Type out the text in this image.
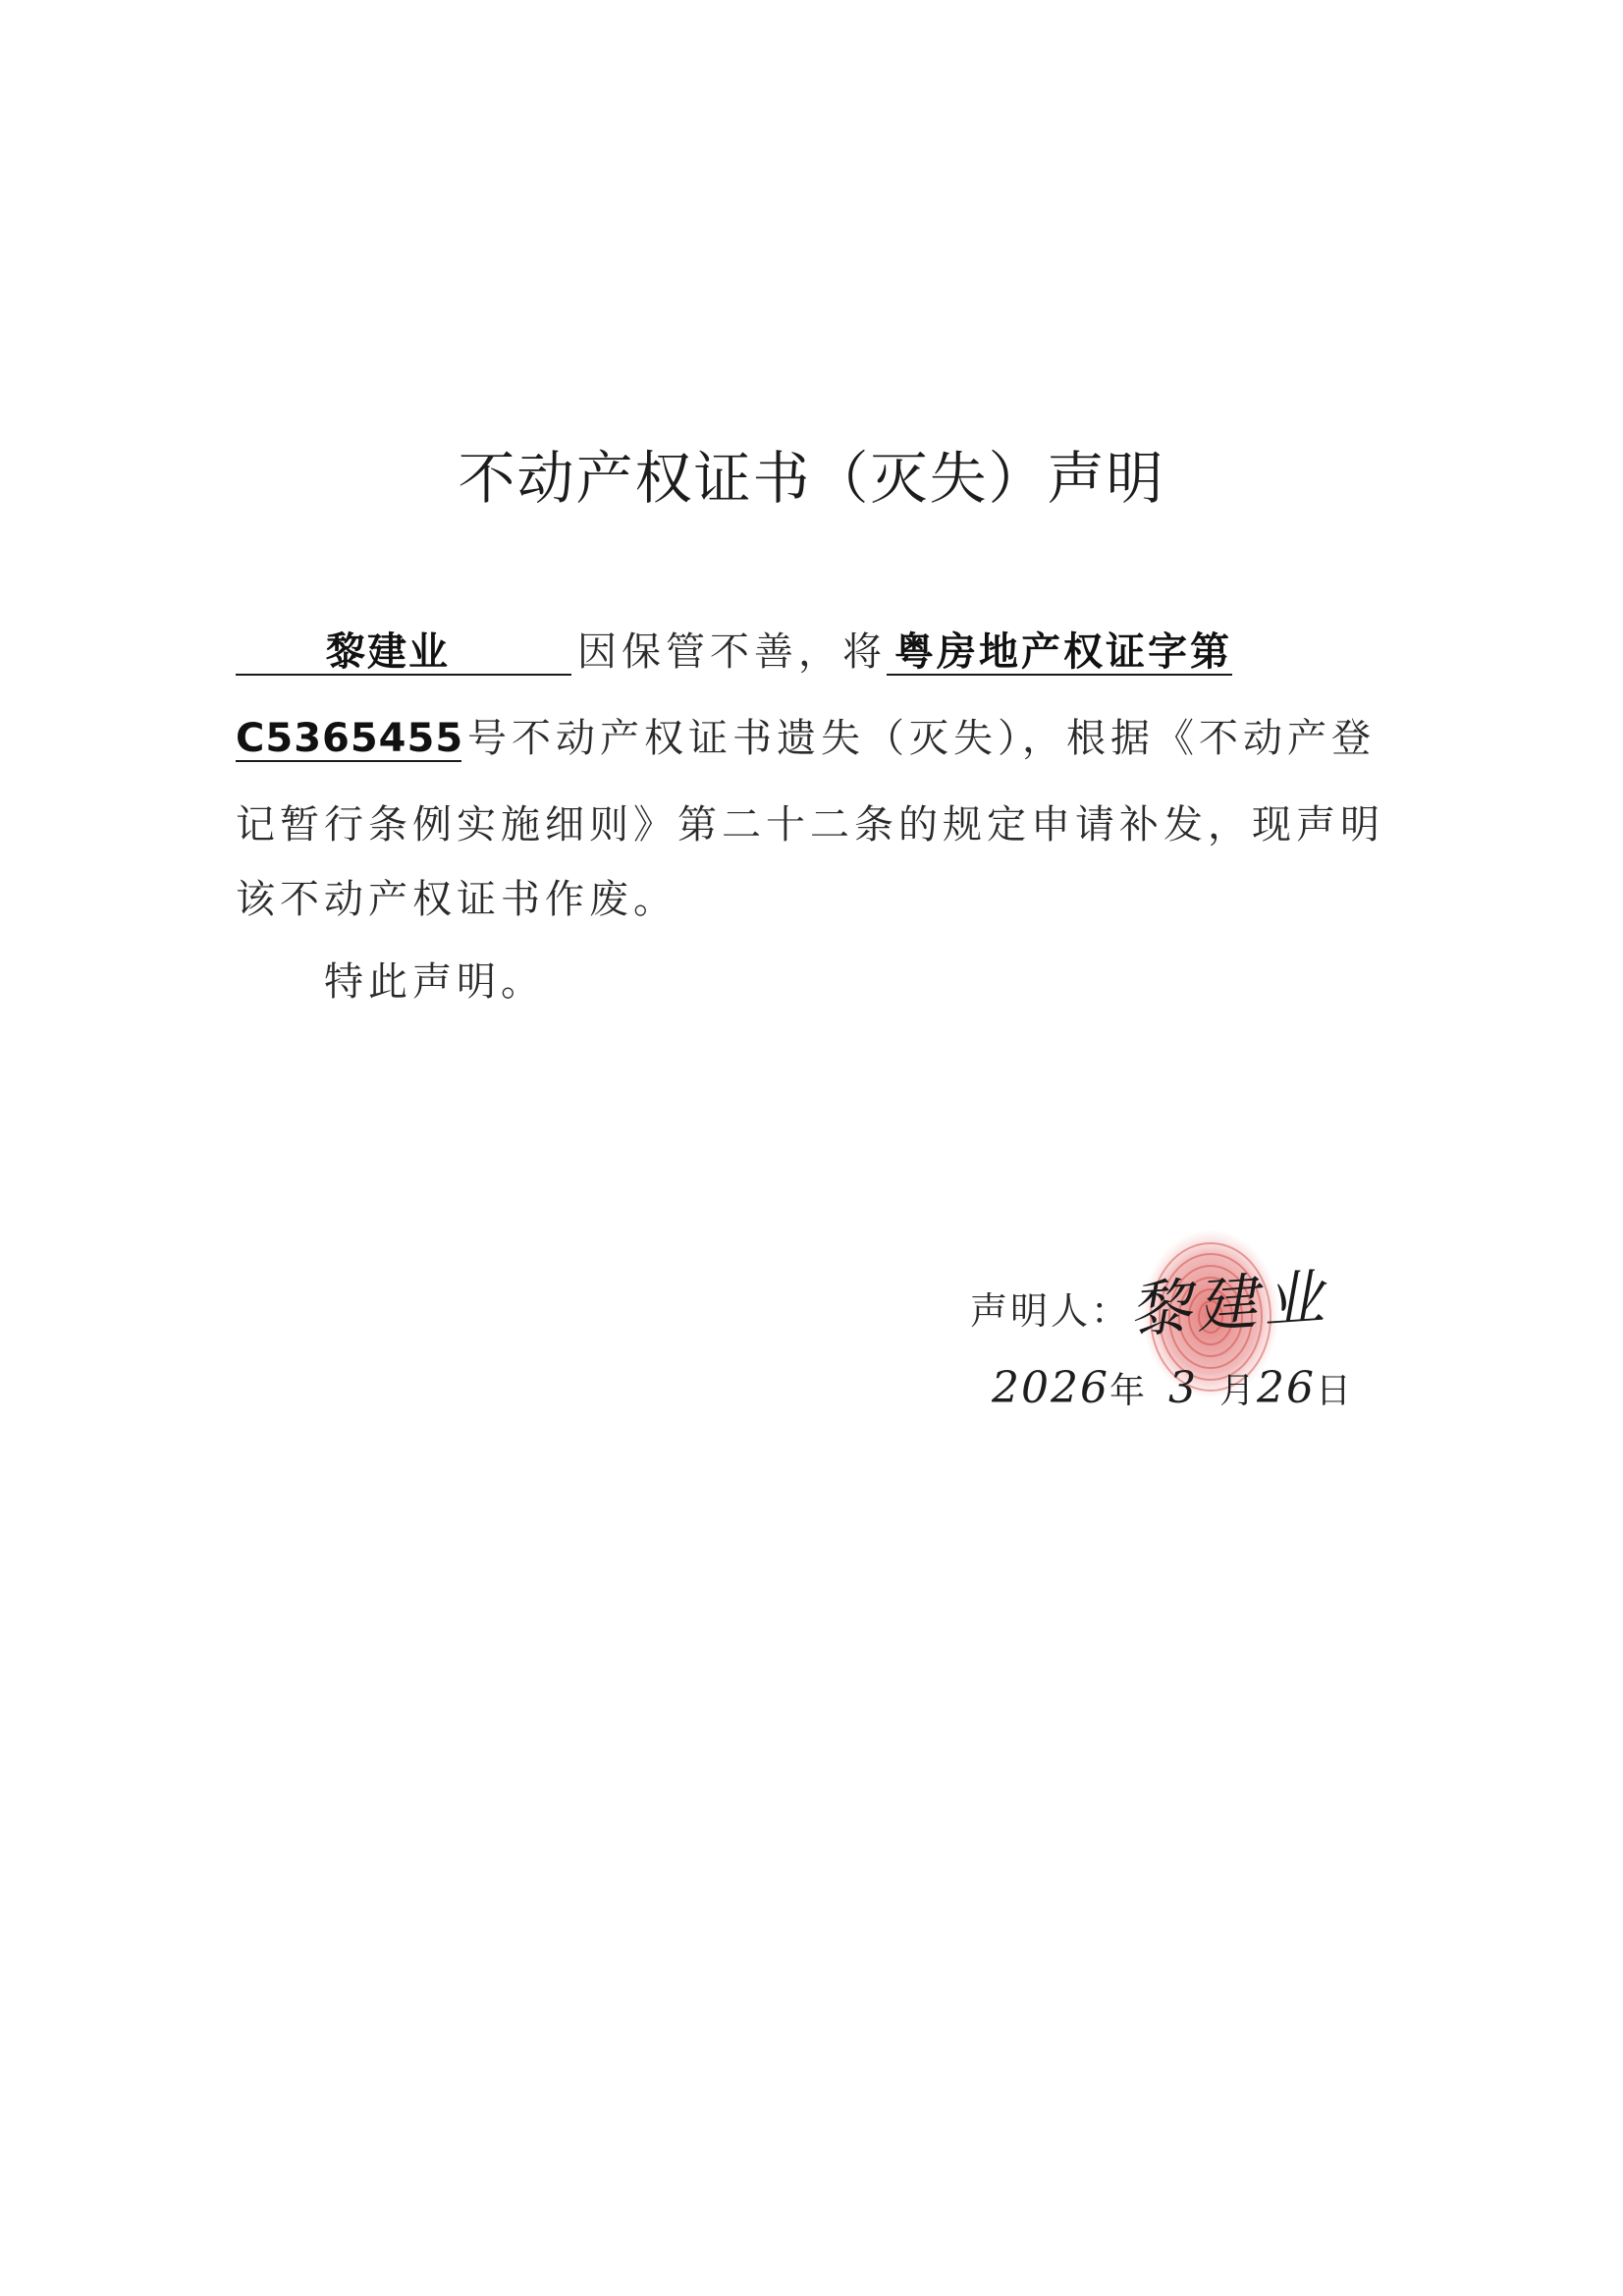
不动产权证书（灭失）声明
黎建业	因保管不善，将 粤房地产权证字第
C5365455号不动产权证书遗失（灭失），根据《不动产登
记暂行条例实施细则》第二十二条的规定申请补发，现声明
该不动产权证书作废。
特此声明。
声明人：
黎建业
2026年 3 月26日
